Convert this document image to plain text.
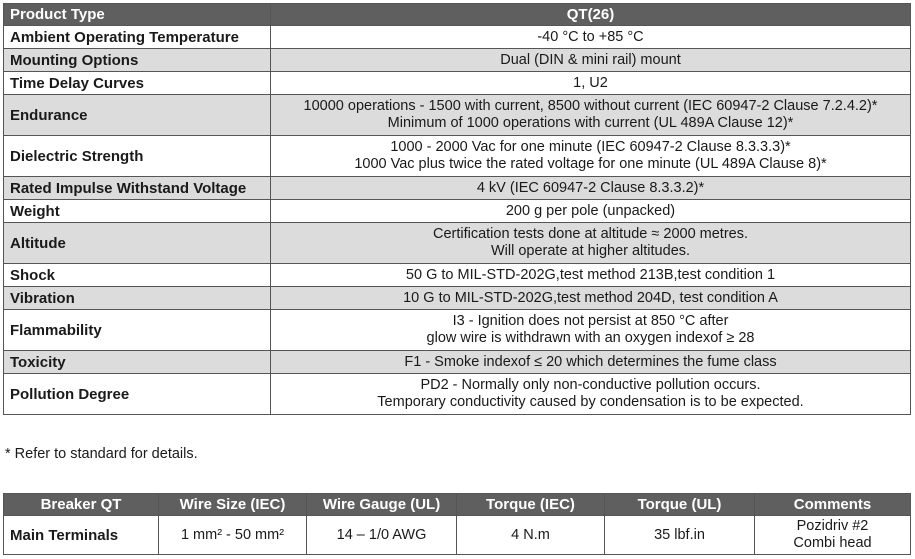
Product Type	QT(26)
Ambient Operating Temperature	-40 °C to +85 °C

Mounting Options	Dual (DIN & mini rail) mount

Time Delay Curves	1, U2

Endurance	10000 operations - 1500 with current, 8500 without current (IEC 60947-2 Clause 7.2.4.2)*
Minimum of 1000 operations with current (UL 489A Clause 12)*

Dielectric Strength	1000 - 2000 Vac for one minute (IEC 60947-2 Clause 8.3.3.3)*
1000 Vac plus twice the rated voltage for one minute (UL 489A Clause 8)*

Rated Impulse Withstand Voltage	4 kV (IEC 60947-2 Clause 8.3.3.2)*

Weight	200 g per pole (unpacked)

Altitude	Certification tests done at altitude ≈ 2000 metres.
Will operate at higher altitudes.

Shock	50 G to MIL-STD-202G,test method 213B,test condition 1

Vibration	10 G to MIL-STD-202G,test method 204D, test condition A

Flammability	I3 - Ignition does not persist at 850 °C after
glow wire is withdrawn with an oxygen indexof ≥ 28

Toxicity	F1 - Smoke indexof ≤ 20 which determines the fume class

Pollution Degree	PD2 - Normally only non-conductive pollution occurs.
Temporary conductivity caused by condensation is to be expected.
* Refer to standard for details.
Breaker QT	Wire Size (IEC)	Wire Gauge (UL)	Torque (IEC)	Torque (UL)	Comments
Main Terminals	1 mm² - 50 mm²	14 – 1/0 AWG	4 N.m	35 lbf.in	Pozidriv #2
Combi head
